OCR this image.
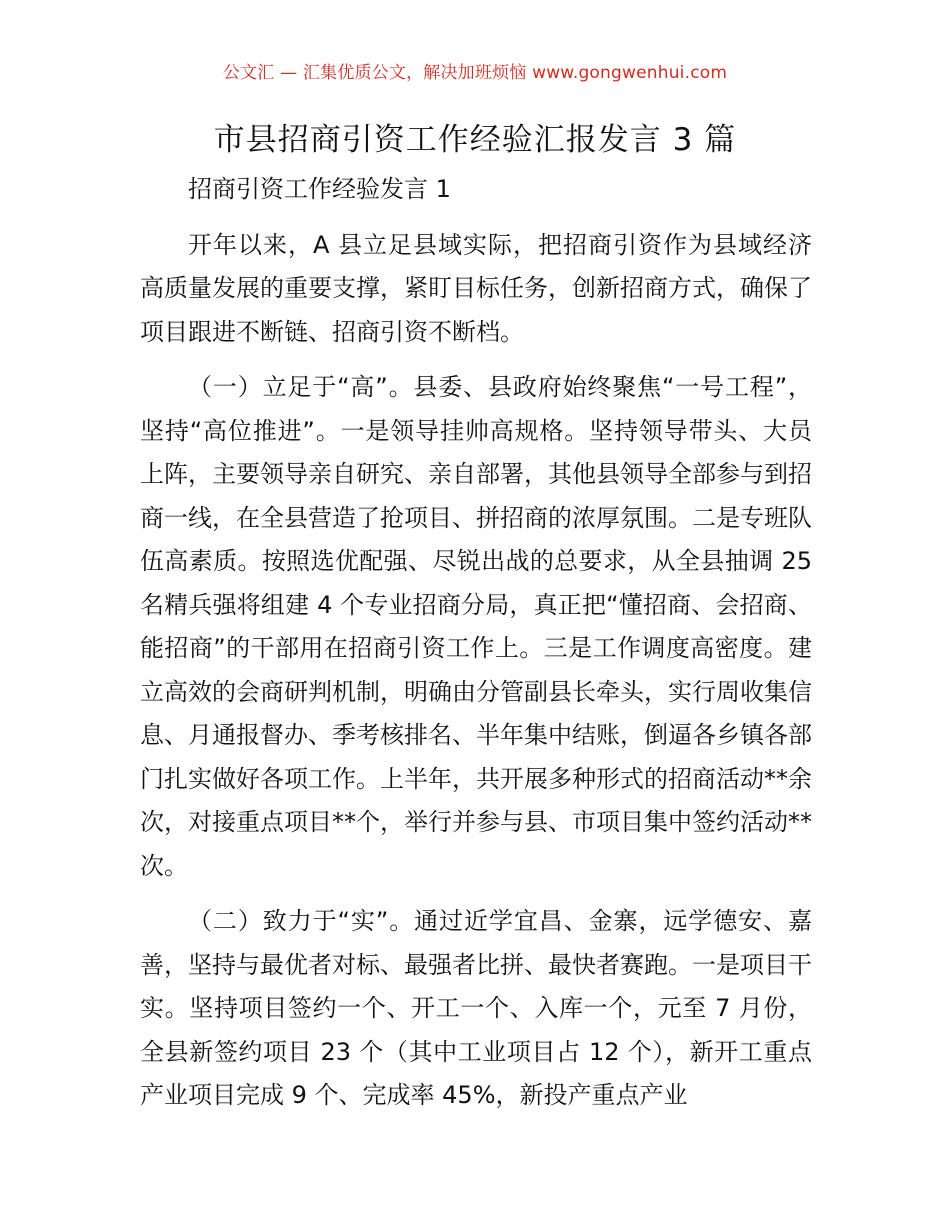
公文汇 — 汇集优质公文，解决加班烦恼 www.gongwenhui.com
市县招商引资工作经验汇报发言 3 篇

招商引资工作经验发言 1

开年以来，A 县立足县域实际，把招商引资作为县域经济高质量发展的重要支撑，紧盯目标任务，创新招商方式，确保了项目跟进不断链、招商引资不断档。

（一）立足于“高”。县委、县政府始终聚焦“一号工程”，坚持“高位推进”。一是领导挂帅高规格。坚持领导带头、大员上阵，主要领导亲自研究、亲自部署，其他县领导全部参与到招商一线，在全县营造了抢项目、拼招商的浓厚氛围。二是专班队伍高素质。按照选优配强、尽锐出战的总要求，从全县抽调 25 名精兵强将组建 4 个专业招商分局，真正把“懂招商、会招商、能招商”的干部用在招商引资工作上。三是工作调度高密度。建立高效的会商研判机制，明确由分管副县长牵头，实行周收集信息、月通报督办、季考核排名、半年集中结账，倒逼各乡镇各部门扎实做好各项工作。上半年，共开展多种形式的招商活动**余次，对接重点项目**个，举行并参与县、市项目集中签约活动**次。

（二）致力于“实”。通过近学宜昌、金寨，远学德安、嘉善，坚持与最优者对标、最强者比拼、最快者赛跑。一是项目干实。坚持项目签约一个、开工一个、入库一个，元至 7 月份，全县新签约项目 23 个（其中工业项目占 12 个），新开工重点产业项目完成 9 个、完成率 45%，新投产重点产业
